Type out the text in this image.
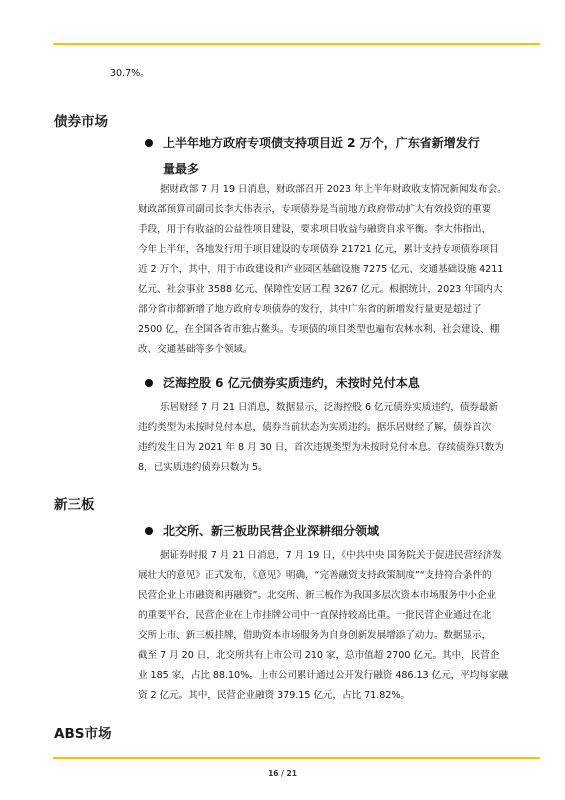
30.7%。
债券市场
上半年地方政府专项债支持项目近 2 万个，广东省新增发行
量最多
据财政部 7 月 19 日消息，财政部召开 2023 年上半年财政收支情况新闻发布会。
财政部预算司副司长李大伟表示，专项债券是当前地方政府带动扩大有效投资的重要
手段，用于有收益的公益性项目建设，要求项目收益与融资自求平衡。李大伟指出，
今年上半年，各地发行用于项目建设的专项债券 21721 亿元，累计支持专项债券项目
近 2 万个，其中，用于市政建设和产业园区基础设施 7275 亿元、交通基础设施 4211
亿元、社会事业 3588 亿元、保障性安居工程 3267 亿元。根据统计，2023 年国内大
部分省市都新增了地方政府专项债券的发行，其中广东省的新增发行量更是超过了
2500 亿，在全国各省市独占鳌头。专项债的项目类型也遍布农林水利、社会建设、棚
改、交通基础等多个领域。
泛海控股 6 亿元债券实质违约，未按时兑付本息
乐居财经 7 月 21 日消息，数据显示，泛海控股 6 亿元债券实质违约，债券最新
违约类型为未按时兑付本息，债券当前状态为实质违约。据乐居财经了解，债券首次
违约发生日为 2021 年 8 月 30 日，首次违规类型为未按时兑付本息。存续债券只数为
8，已实质违约债券只数为 5。
新三板
北交所、新三板助民营企业深耕细分领域
据证券时报 7 月 21 日消息，7 月 19 日，《中共中央 国务院关于促进民营经济发
展壮大的意见》正式发布，《意见》明确，“完善融资支持政策制度”“支持符合条件的
民营企业上市融资和再融资”。北交所、新三板作为我国多层次资本市场服务中小企业
的重要平台，民营企业在上市挂牌公司中一直保持较高比重。一批民营企业通过在北
交所上市、新三板挂牌，借助资本市场服务为自身创新发展增添了动力。数据显示，
截至 7 月 20 日，北交所共有上市公司 210 家，总市值超 2700 亿元。其中，民营企
业 185 家，占比 88.10%。上市公司累计通过公开发行融资 486.13 亿元，平均每家融
资 2 亿元。其中，民营企业融资 379.15 亿元，占比 71.82%。
ABS市场
16 / 21
